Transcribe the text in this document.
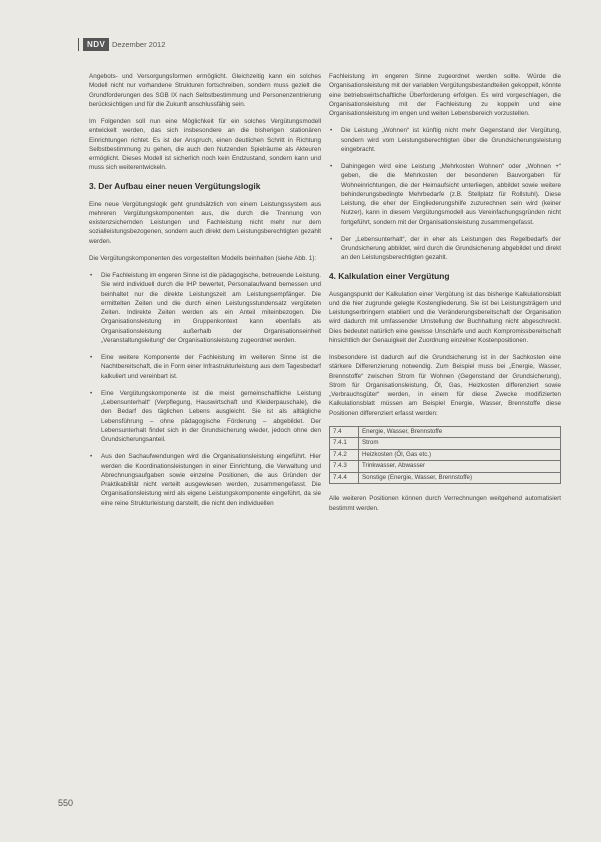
NDV Dezember 2012

Angebots- und Versorgungsformen ermöglicht. Gleichzeitig kann ein solches Modell nicht nur vorhandene Strukturen fortschreiben, sondern muss gezielt die Grundforderungen des SGB IX nach Selbstbestimmung und Personenzentrierung berücksichtigen und für die Zukunft anschlussfähig sein.

Im Folgenden soll nun eine Möglichkeit für ein solches Vergütungsmodell entwickelt werden, das sich insbesondere an die bisherigen stationären Einrichtungen richtet. Es ist der Anspruch, einen deutlichen Schritt in Richtung Selbstbestimmung zu gehen, die auch den Nutzenden Spielräume als Akteuren ermöglicht. Dieses Modell ist sicherlich noch kein Endzustand, sondern kann und muss sich weiterentwickeln.

3. Der Aufbau einer neuen Vergütungslogik

Eine neue Vergütungslogik geht grundsätzlich von einem Leistungssystem aus mehreren Vergütungskomponenten aus, die durch die Trennung von existenzsichernden Leistungen und Fachleistung nicht mehr nur dem sozialleistungsbezogenen, sondern auch direkt dem Leistungsberechtigten gezahlt werden.

Die Vergütungskomponenten des vorgestellten Modells beinhalten (siehe Abb. 1):

• Die Fachleistung im engeren Sinne ist die pädagogische, betreuende Leistung. Sie wird individuell durch die IHP bewertet, Personalaufwand bemessen und beinhaltet nur die direkte Leistungszeit am Leistungsempfänger. Die ermittelten Zeiten und die durch einen Leistungsstundensatz vergüteten Zeiten. Indirekte Zeiten werden als ein Anteil miteinbezogen. Die Organisationsleistung im Gruppenkontext kann ebenfalls als Organisationsleistung außerhalb der Organisationseinheit „Veranstaltungsleitung“ der Organisationsleistung zugeordnet werden.
• Eine weitere Komponente der Fachleistung im weiteren Sinne ist die Nachtbereitschaft, die in Form einer Infrastrukturleistung aus dem Tagesbedarf kalkuliert und vereinbart ist.
• Eine Vergütungskomponente ist die meist gemeinschaftliche Leistung „Lebensunterhalt“ (Verpflegung, Hauswirtschaft und Kleiderpauschale), die den Bedarf des täglichen Lebens ausgleicht. Sie ist als alltägliche Lebensführung – ohne pädagogische Förderung – abgebildet. Der Lebensunterhalt findet sich in der Grundsicherung wieder, jedoch ohne den Grundsicherungsanteil.
• Aus den Sachaufwendungen wird die Organisationsleistung eingeführt. Hier werden die Koordinationsleistungen in einer Einrichtung, die Verwaltung und Abrechnungsaufgaben sowie einzelne Positionen, die aus Gründen der Praktikabilität nicht verteilt ausgewiesen werden, zusammengefasst. Die Organisationsleistung wird als eigene Leistungskomponente eingeführt, da sie eine reine Strukturleistung darstellt, die nicht den individuellen

Fachleistung im engeren Sinne zugeordnet werden sollte. Würde die Organisationsleistung mit der variablen Vergütungsbestandteilen gekoppelt, könnte eine betriebswirtschaftliche Überforderung erfolgen. Es wird vorgeschlagen, die Organisationsleistung mit der Fachleistung zu koppeln und eine Organisationsleistung im engen und weiten Lebensbereich vorzustellen.

• Die Leistung „Wohnen“ ist künftig nicht mehr Gegenstand der Vergütung, sondern wird vom Leistungsberechtigten über die Grundsicherungsleistung eingebracht.
• Dahingegen wird eine Leistung „Mehrkosten Wohnen“ oder „Wohnen +“ geben, die die Mehrkosten der besonderen Bauvorgaben für Wohneinrichtungen, die der Heimaufsicht unterliegen, abbildet sowie weitere behinderungsbedingte Mehrbedarfe (z.B. Stellplatz für Rollstuhl). Diese Leistung, die eher der Eingliederungshilfe zuzurechnen sein wird (keiner Nutzer), kann in diesem Vergütungsmodell aus Vereinfachungsgründen nicht fortgeführt, sondern mit der Organisationsleistung zusammengefasst.
• Der „Lebensunterhalt“, der in eher als Leistungen des Regelbedarfs der Grundsicherung abbildet, wird durch die Grundsicherung abgebildet und direkt an den Leistungsberechtigten gezahlt.
4. Kalkulation einer Vergütung

Ausgangspunkt der Kalkulation einer Vergütung ist das bisherige Kalkulationsblatt und die hier zugrunde gelegte Kostengliederung. Sie ist bei Leistungsträgern und Leistungserbringern etabliert und die Veränderungsbereitschaft der Organisation wird dadurch mit umfassender Umstellung der Buchhaltung nicht abgeschreckt. Dies bedeutet natürlich eine gewisse Unschärfe und auch Kompromissbereitschaft hinsichtlich der Genauigkeit der Zuordnung einzelner Kostenpositionen.

Insbesondere ist dadurch auf die Grundsicherung ist in der Sachkosten eine stärkere Differenzierung notwendig. Zum Beispiel muss bei „Energie, Wasser, Brennstoffe“ zwischen Strom für Wohnen (Gegenstand der Grundsicherung), Strom für Organisationsleistung, Öl, Gas, Heizkosten differenziert sowie „Verbrauchsgüter“ werden, in einem für diese Zwecke modifizierten Kalkulationsblatt müssen am Beispiel Energie, Wasser, Brennstoffe diese Positionen differenziert erfasst werden:

7.4	Energie, Wasser, Brennstoffe
7.4.1	Strom
7.4.2	Heizkosten (Öl, Gas etc.)
7.4.3	Trinkwasser, Abwasser
7.4.4	Sonstige (Energie, Wasser, Brennstoffe)

Alle weiteren Positionen können durch Verrechnungen weitgehend automatisiert bestimmt werden.

550
